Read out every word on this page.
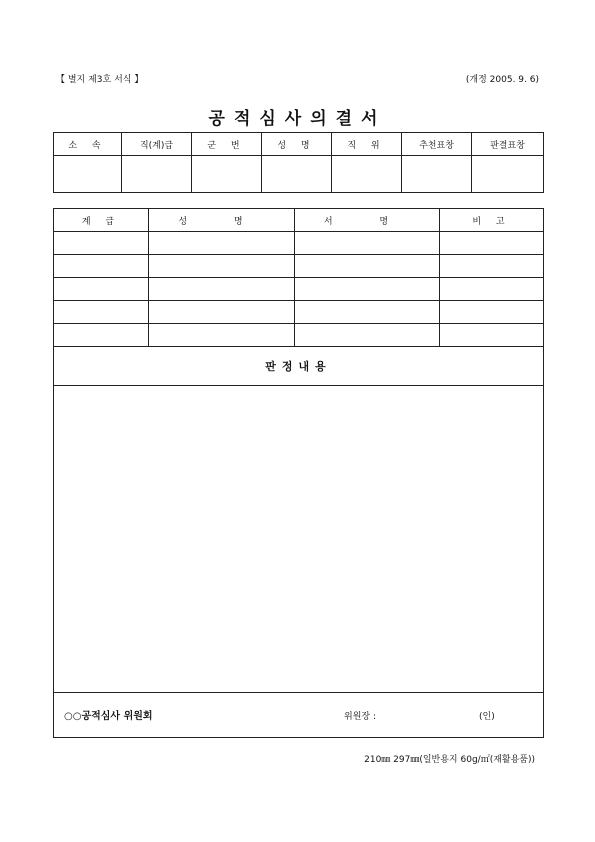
【 별지 제3호 서식 】	(개정 2005. 9. 6)
공적심사의결서
소 속	직(계)급	군 번	성 명	직 위	추천표창	판결표창

계 급	성 명	서 명	비 고

판정내용			

○○공적심사 위원회 위원장 : (인)			
210㎜ 297㎜(일반용지 60g/㎡(재활용품))
